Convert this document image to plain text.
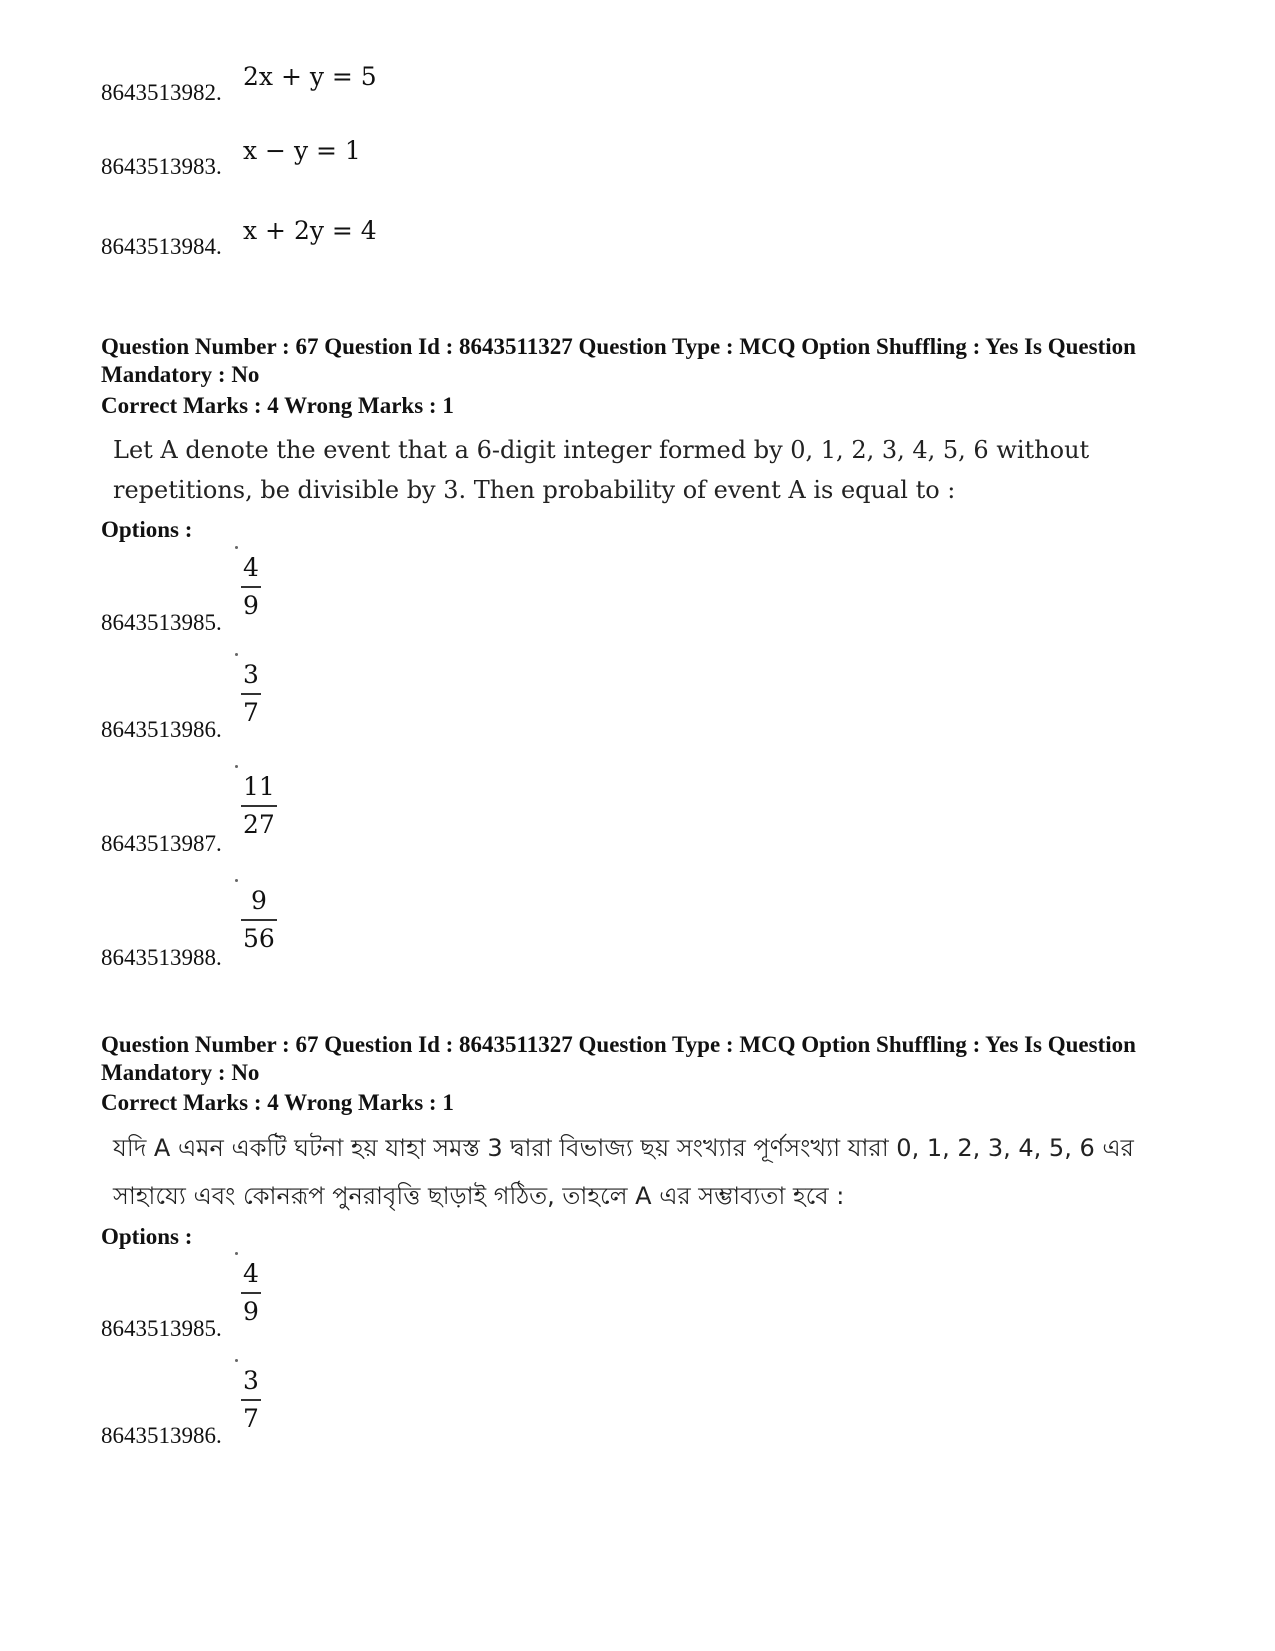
8643513982.
2x + y = 5
8643513983.
x − y = 1
8643513984.
x + 2y = 4
Question Number : 67 Question Id : 8643511327 Question Type : MCQ Option Shuffling : Yes Is Question Mandatory : No
Correct Marks : 4 Wrong Marks : 1
Let A denote the event that a 6-digit integer formed by 0, 1, 2, 3, 4, 5, 6 without repetitions, be divisible by 3. Then probability of event A is equal to :
Options :
8643513985.
4
9
8643513986.
3
7
8643513987.
11
27
8643513988.
9
56
Question Number : 67 Question Id : 8643511327 Question Type : MCQ Option Shuffling : Yes Is Question Mandatory : No
Correct Marks : 4 Wrong Marks : 1
যদি A এমন একটি ঘটনা হয় যাহা সমস্ত 3 দ্বারা বিভাজ্য ছয় সংখ্যার পূর্ণসংখ্যা যারা 0, 1, 2, 3, 4, 5, 6 এর সাহায্যে এবং কোনরূপ পুনরাবৃত্তি ছাড়াই গঠিত, তাহলে A এর সম্ভাব্যতা হবে :
Options :
8643513985.
4
9
8643513986.
3
7
